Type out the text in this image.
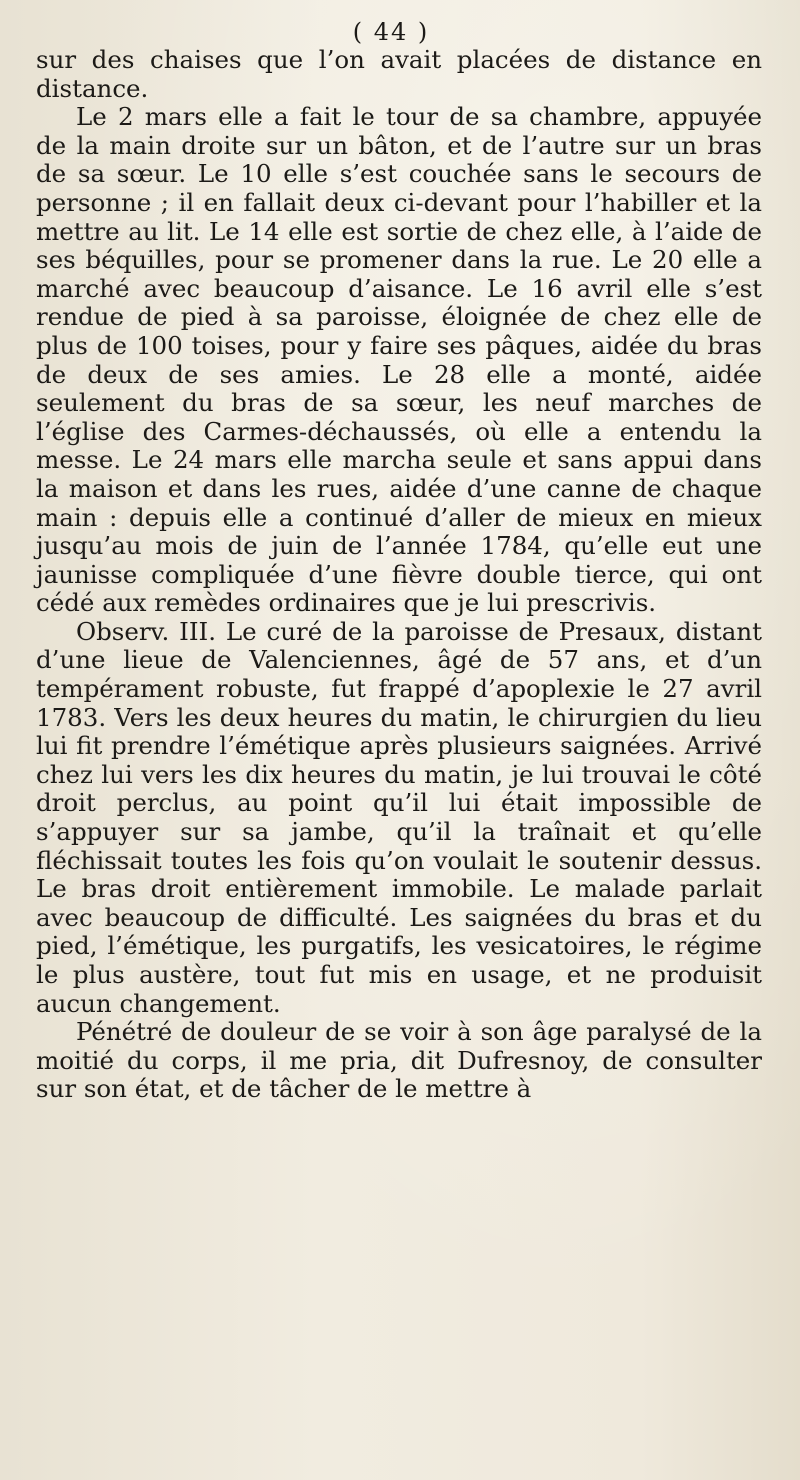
( 44 )

sur des chaises que l’on avait placées de distance en distance.

Le 2 mars elle a fait le tour de sa chambre, appuyée de la main droite sur un bâton, et de l’autre sur un bras de sa sœur. Le 10 elle s’est couchée sans le secours de personne ; il en fallait deux ci-devant pour l’habiller et la mettre au lit. Le 14 elle est sortie de chez elle, à l’aide de ses béquilles, pour se promener dans la rue. Le 20 elle a marché avec beaucoup d’aisance. Le 16 avril elle s’est rendue de pied à sa paroisse, éloignée de chez elle de plus de 100 toises, pour y faire ses pâques, aidée du bras de deux de ses amies. Le 28 elle a monté, aidée seulement du bras de sa sœur, les neuf marches de l’église des Carmes-déchaussés, où elle a entendu la messe. Le 24 mars elle marcha seule et sans appui dans la maison et dans les rues, aidée d’une canne de chaque main : depuis elle a continué d’aller de mieux en mieux jusqu’au mois de juin de l’année 1784, qu’elle eut une jaunisse compliquée d’une fièvre double tierce, qui ont cédé aux remèdes ordinaires que je lui prescrivis.

Observ. III. Le curé de la paroisse de Presaux, distant d’une lieue de Valenciennes, âgé de 57 ans, et d’un tempérament robuste, fut frappé d’apoplexie le 27 avril 1783. Vers les deux heures du matin, le chirurgien du lieu lui fit prendre l’émétique après plusieurs saignées. Arrivé chez lui vers les dix heures du matin, je lui trouvai le côté droit perclus, au point qu’il lui était impossible de s’appuyer sur sa jambe, qu’il la traînait et qu’elle fléchissait toutes les fois qu’on voulait le soutenir dessus. Le bras droit entièrement immobile. Le malade parlait avec beaucoup de difficulté. Les saignées du bras et du pied, l’émétique, les purgatifs, les vesicatoires, le régime le plus austère, tout fut mis en usage, et ne produisit aucun changement.

Pénétré de douleur de se voir à son âge paralysé de la moitié du corps, il me pria, dit Dufresnoy, de consulter sur son état, et de tâcher de le mettre à
